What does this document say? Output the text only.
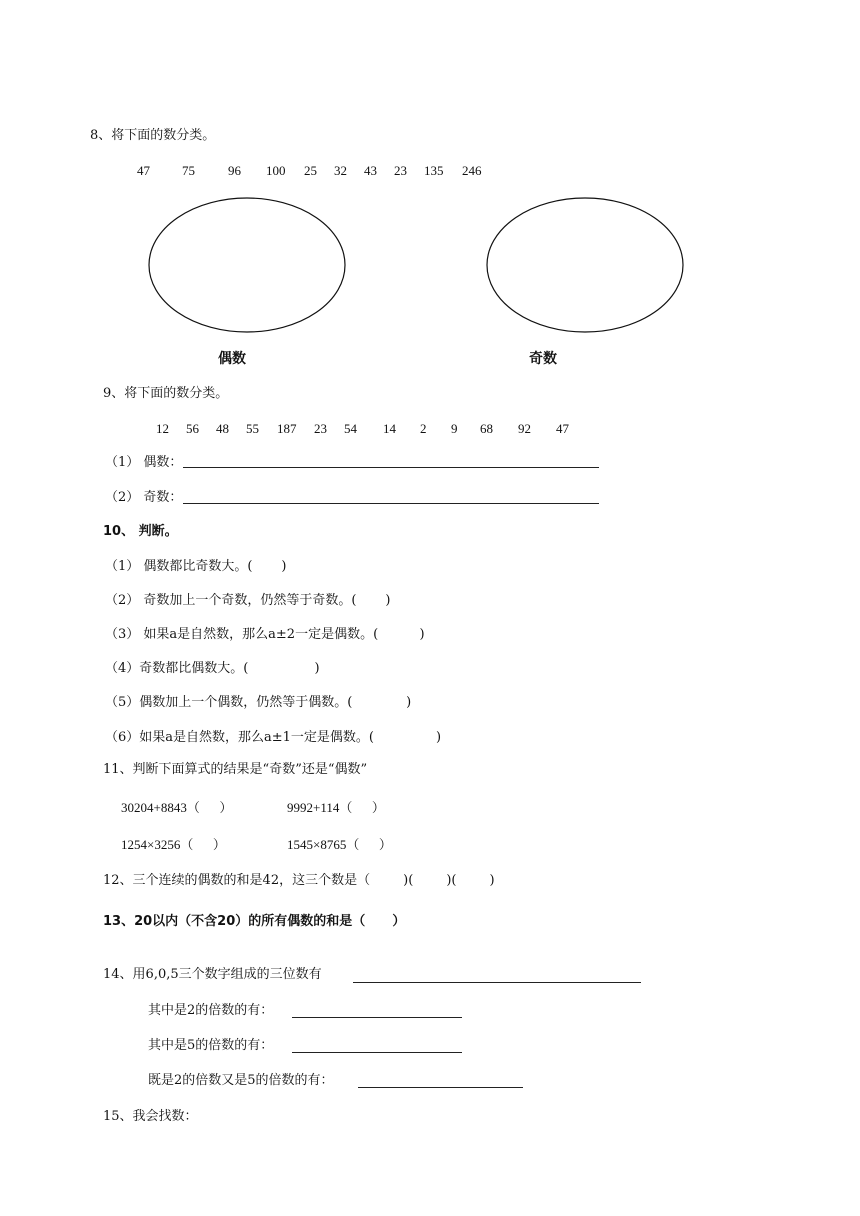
8、将下面的数分类。
47 75	96 100 25 32 43 23 135 246
偶数	奇数
9、将下面的数分类。
12 56 48 55 187 23 54 14 2 9 68 92 47
（1） 偶数：
（2） 奇数：
10、 判断。
（1） 偶数都比奇数大。(       )
（2） 奇数加上一个奇数，仍然等于奇数。(       )
（3） 如果a是自然数，那么a±2一定是偶数。(          )
（4）奇数都比偶数大。(                )
（5）偶数加上一个偶数，仍然等于偶数。(             )
（6）如果a是自然数，那么a±1一定是偶数。(               )
11、判断下面算式的结果是“奇数”还是“偶数”
30204+8843（      ）	9992+114（      ）
1254×3256（      ）	1545×8765（      ）
12、三个连续的偶数的和是42，这三个数是（        )(        )(        )
13、20以内（不含20）的所有偶数的和是（      ）
14、用6,0,5三个数字组成的三位数有
其中是2的倍数的有：
其中是5的倍数的有：
既是2的倍数又是5的倍数的有：
15、我会找数：
